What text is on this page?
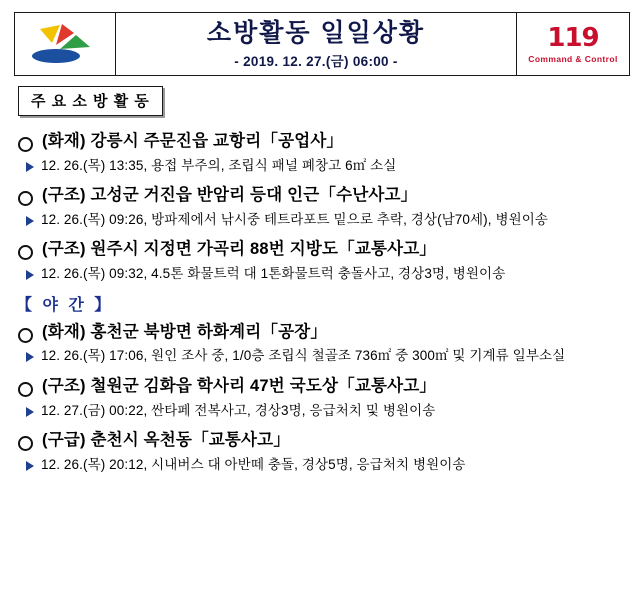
소방활동 일일상황
- 2019. 12. 27.(금) 06:00 -
119
Command & Control
주 요 소 방 활 동
(화재) 강릉시 주문진읍 교항리「공업사」
12. 26.(목) 13:35, 용접 부주의, 조립식 패널 폐창고 6㎡ 소실
(구조) 고성군 거진읍 반암리 등대 인근「수난사고」
12. 26.(목) 09:26, 방파제에서 낚시중 테트라포트 밑으로 추락, 경상(남70세), 병원이송
(구조) 원주시 지정면 가곡리 88번 지방도「교통사고」
12. 26.(목) 09:32, 4.5톤 화물트럭 대 1톤화물트럭 충돌사고, 경상3명, 병원이송
【 야 간 】
(화재) 홍천군 북방면 하화계리「공장」
12. 26.(목) 17:06, 원인 조사 중, 1/0층 조립식 철골조 736㎡ 중 300㎡ 및 기계류 일부소실
(구조) 철원군 김화읍 학사리 47번 국도상「교통사고」
12. 27.(금) 00:22, 싼타페 전복사고, 경상3명, 응급처치 및 병원이송
(구급) 춘천시 옥천동「교통사고」
12. 26.(목) 20:12, 시내버스 대 아반떼 충돌, 경상5명, 응급처치 병원이송
